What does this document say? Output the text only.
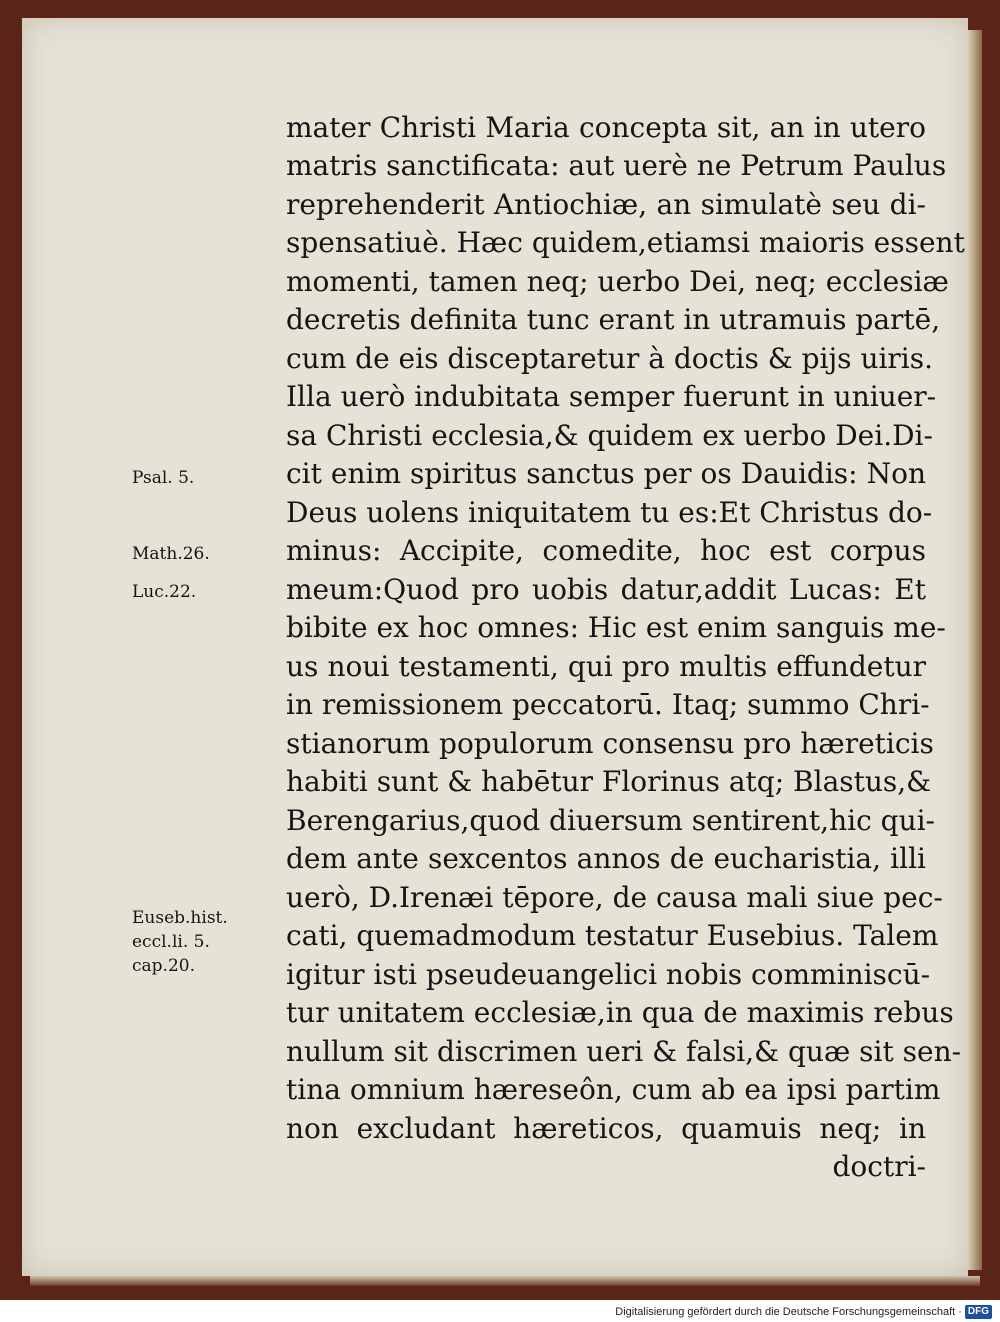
mater Christi Maria concepta sit, an in utero
matris sanctificata: aut uerè ne Petrum Paulus
reprehenderit Antiochiæ, an simulatè seu di-
spensatiuè. Hæc quidem,etiamsi maioris essent
momenti, tamen neq; uerbo Dei, neq; ecclesiæ
decretis definita tunc erant in utramuis partē,
cum de eis disceptaretur à doctis & pijs uiris.
Illa uerò indubitata semper fuerunt in uniuer-
sa Christi ecclesia,& quidem ex uerbo Dei.Di-
cit enim spiritus sanctus per os Dauidis: Non
Deus uolens iniquitatem tu es:Et Christus do-
minus: Accipite, comedite, hoc est corpus
meum:Quod pro uobis datur,addit Lucas: Et
bibite ex hoc omnes: Hic est enim sanguis me-
us noui testamenti, qui pro multis effundetur
in remissionem peccatorū. Itaq; summo Chri-
stianorum populorum consensu pro hæreticis
habiti sunt & habētur Florinus atq; Blastus,&
Berengarius,quod diuersum sentirent,hic qui-
dem ante sexcentos annos de eucharistia, illi
uerò, D.Irenæi tēpore, de causa mali siue pec-
cati, quemadmodum testatur Eusebius. Talem
igitur isti pseudeuangelici nobis comminiscū-
tur unitatem ecclesiæ,in qua de maximis rebus
nullum sit discrimen ueri & falsi,& quæ sit sen-
tina omnium hæreseôn, cum ab ea ipsi partim
non excludant hæreticos, quamuis neq; in
doctri-
Psal. 5.
Math.26.
Luc.22.
Euseb.hist.
eccl.li. 5.
cap.20.
Digitalisierung gefördert durch die Deutsche Forschungsgemeinschaft · DFG
